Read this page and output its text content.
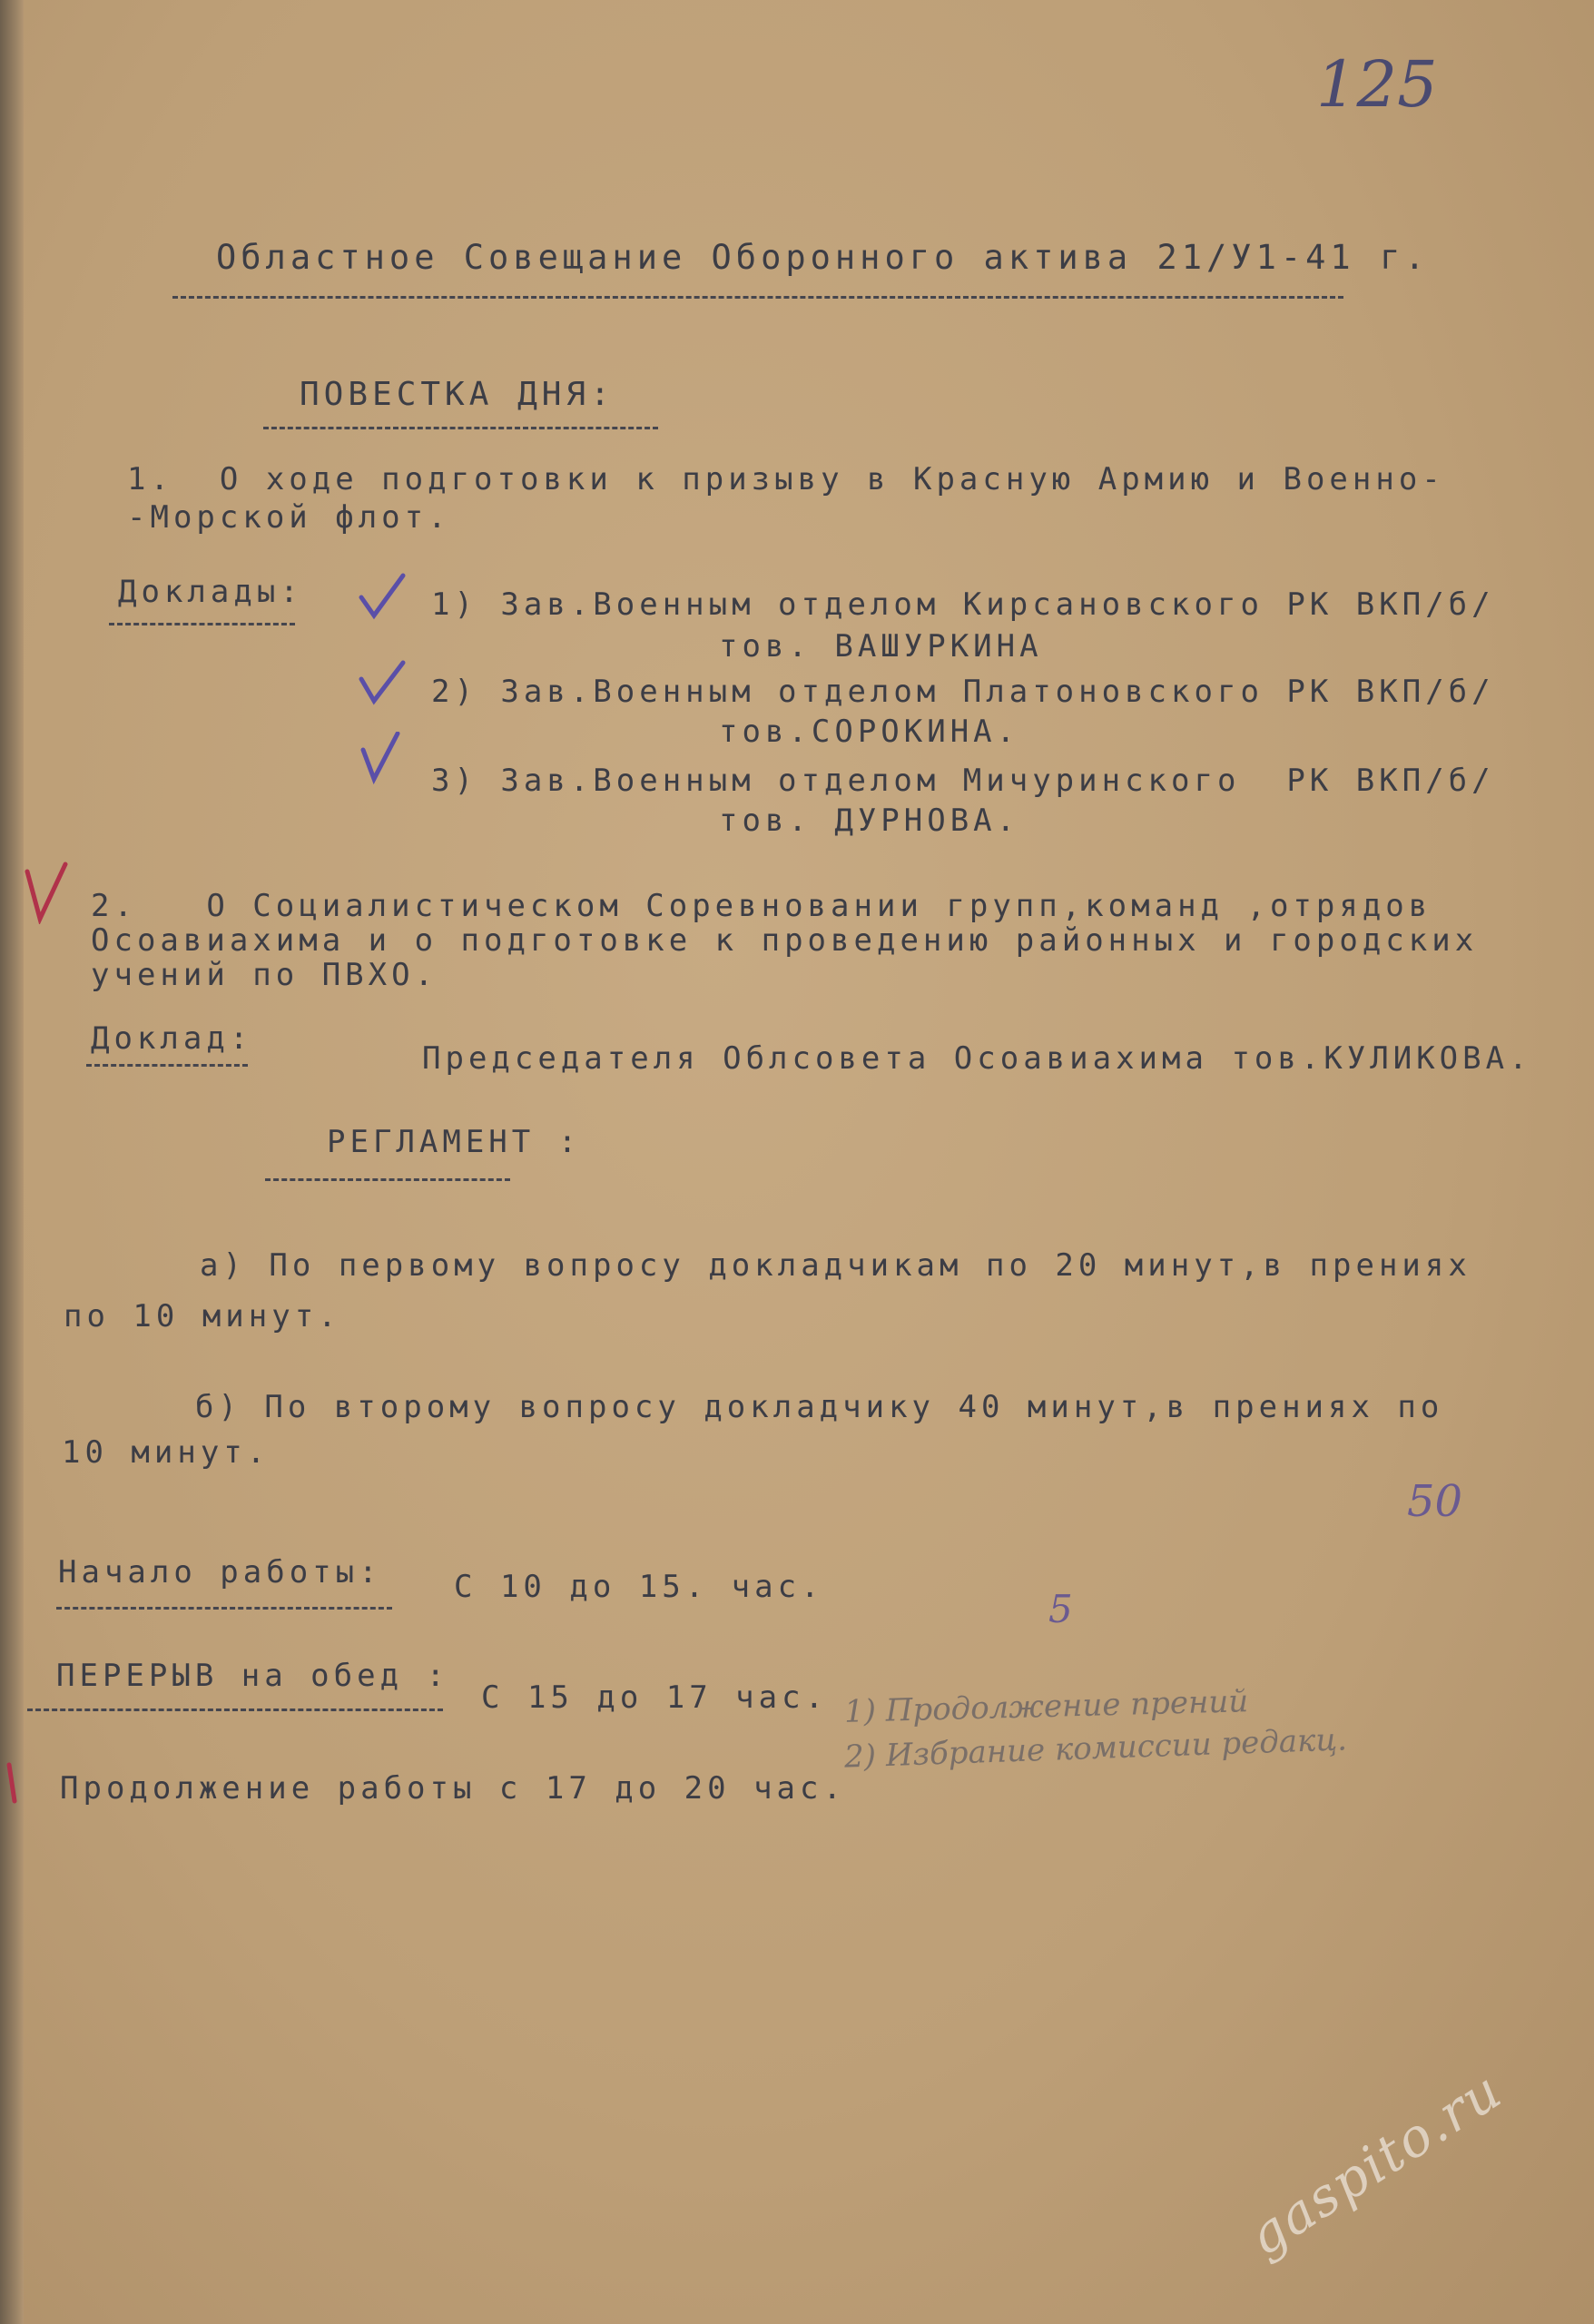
125
Областное Совещание Оборонного актива 21/У1-41 г.
ПОВЕСТКА ДНЯ:
1.  О ходе подготовки к призыву в Красную Армию и Военно-
-Морской флот.
Доклады:	1) Зав.Военным отделом Кирсановского РК ВКП/б/
тов. ВАШУРКИНА
2) Зав.Военным отделом Платоновского РК ВКП/б/
тов.СОРОКИНА.
3) Зав.Военным отделом Мичуринского  РК ВКП/б/
тов. ДУРНОВА.
2.   О Социалистическом Соревновании групп,команд ,отрядов
Осоавиахима и о подготовке к проведению районных и городских
учений по ПВХО.
Доклад:
Председателя Облсовета Осоавиахима тов.КУЛИКОВА.
РЕГЛАМЕНТ :
а) По первому вопросу докладчикам по 20 минут,в прениях
по 10 минут.
б) По второму вопросу докладчику 40 минут,в прениях по
10 минут.
50
Начало работы: С 10 до 15. час.	5
ПЕРЕРЫВ на обед :
С 15 до 17 час. 1) Продолжение прений
2) Избрание комиссии редакц.
Продолжение работы с 17 до 20 час.
gaspito.ru
